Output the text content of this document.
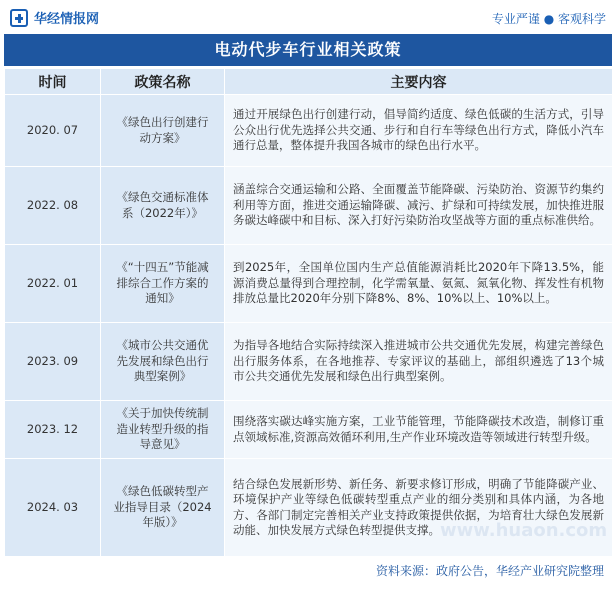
华经情报网	专业严谨 ● 客观科学
电动代步车行业相关政策
时间	政策名称	主要内容
2020. 07	《绿色出行创建行动方案》	通过开展绿色出行创建行动，倡导简约适度、绿色低碳的生活方式，引导公众出行优先选择公共交通、步行和自行车等绿色出行方式，降低小汽车通行总量，整体提升我国各城市的绿色出行水平。
2022. 08	《绿色交通标准体系（2022年）》	涵盖综合交通运输和公路、全面覆盖节能降碳、污染防治、资源节约集约利用等方面，推进交通运输降碳、减污、扩绿和可持续发展，加快推进服务碳达峰碳中和目标、深入打好污染防治攻坚战等方面的重点标准供给。
2022. 01	《“十四五”节能减排综合工作方案的通知》	到2025年，全国单位国内生产总值能源消耗比2020年下降13.5%，能源消费总量得到合理控制，化学需氧量、氨氮、氮氧化物、挥发性有机物排放总量比2020年分别下降8%、8%、10%以上、10%以上。
2023. 09	《城市公共交通优先发展和绿色出行典型案例》	为指导各地结合实际持续深入推进城市公共交通优先发展，构建完善绿色出行服务体系，在各地推荐、专家评议的基础上，部组织遴选了13个城市公共交通优先发展和绿色出行典型案例。
2023. 12	《关于加快传统制造业转型升级的指导意见》	围绕落实碳达峰实施方案，工业节能管理，节能降碳技术改造，制修订重点领域标准,资源高效循环利用,生产作业环境改造等领域进行转型升级。
2024. 03	《绿色低碳转型产业指导目录（2024年版）》	结合绿色发展新形势、新任务、新要求修订形成，明确了节能降碳产业、环境保护产业等绿色低碳转型重点产业的细分类别和具体内涵，为各地方、各部门制定完善相关产业支持政策提供依据，为培育壮大绿色发展新动能、加快发展方式绿色转型提供支撑。
资料来源：政府公告，华经产业研究院整理
